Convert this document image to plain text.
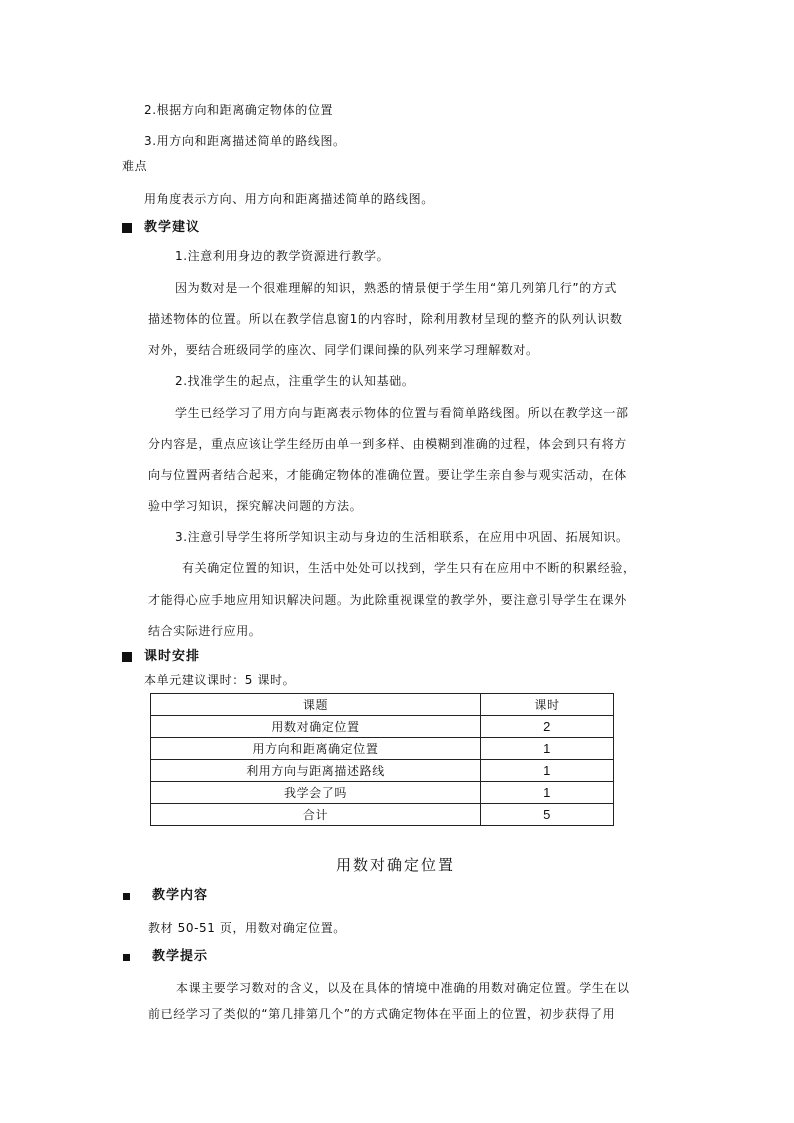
2.根据方向和距离确定物体的位置
3.用方向和距离描述简单的路线图。
难点
用角度表示方向、用方向和距离描述简单的路线图。
教学建议
1.注意利用身边的教学资源进行教学。
因为数对是一个很难理解的知识，熟悉的情景便于学生用“第几列第几行”的方式
描述物体的位置。所以在教学信息窗1的内容时，除利用教材呈现的整齐的队列认识数
对外，要结合班级同学的座次、同学们课间操的队列来学习理解数对。
2.找准学生的起点，注重学生的认知基础。
学生已经学习了用方向与距离表示物体的位置与看简单路线图。所以在教学这一部
分内容是，重点应该让学生经历由单一到多样、由模糊到准确的过程，体会到只有将方
向与位置两者结合起来，才能确定物体的准确位置。要让学生亲自参与观实活动，在体
验中学习知识，探究解决问题的方法。
3.注意引导学生将所学知识主动与身边的生活相联系，在应用中巩固、拓展知识。
有关确定位置的知识，生活中处处可以找到，学生只有在应用中不断的积累经验，
才能得心应手地应用知识解决问题。为此除重视课堂的教学外，要注意引导学生在课外
结合实际进行应用。
课时安排
本单元建议课时：5 课时。
课题	课时
用数对确定位置	2
用方向和距离确定位置	1
利用方向与距离描述路线	1
我学会了吗	1
合计	5
用数对确定位置
教学内容
教材 50-51 页，用数对确定位置。
教学提示
本课主要学习数对的含义，以及在具体的情境中准确的用数对确定位置。学生在以
前已经学习了类似的“第几排第几个”的方式确定物体在平面上的位置，初步获得了用
